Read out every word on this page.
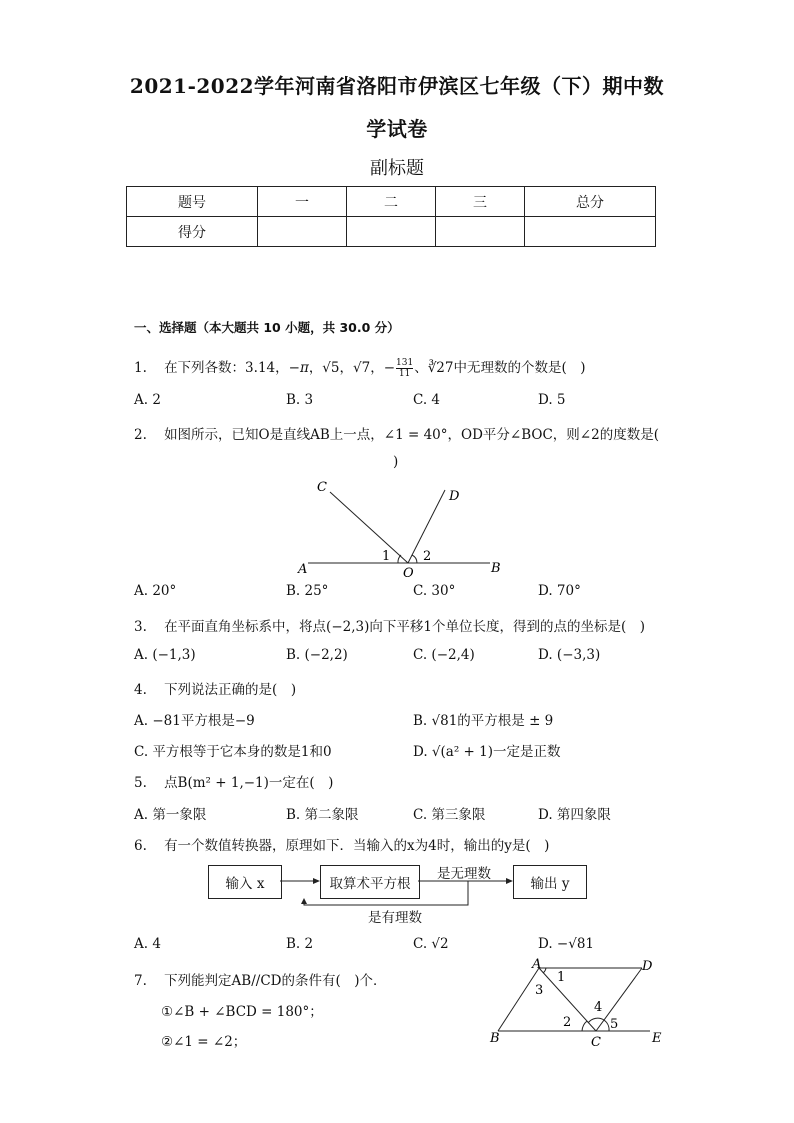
2021-2022学年河南省洛阳市伊滨区七年级（下）期中数
学试卷
副标题
题号	一	二	三	总分
得分				
一、选择题（本大题共 10 小题，共 30.0 分）
1. 在下列各数：3.14，−π，√5，√7，− $\frac{131}{11}$ 、∛27中无理数的个数是(　)
A. 2	B. 3	C. 4	D. 5
2. 如图所示，已知O是直线AB上一点，∠1 = 40°，OD平分∠BOC，则∠2的度数是(
)
A	B
C
D
O
1	2
A. 20°	B. 25°	C. 30°	D. 70°
3. 在平面直角坐标系中，将点(−2,3)向下平移1个单位长度，得到的点的坐标是(　)
A. (−1,3)	B. (−2,2)	C. (−2,4)	D. (−3,3)
4. 下列说法正确的是(　)
A. −81平方根是−9	B. √81的平方根是 ± 9
C. 平方根等于它本身的数是1和0	D. √(a² + 1)一定是正数
5. 点B(m² + 1,−1)一定在(　)
A. 第一象限	B. 第二象限	C. 第三象限	D. 第四象限
6. 有一个数值转换器，原理如下．当输入的x为4时，输出的y是(　)
输入 x	取算术平方根	输出 y
是无理数
是有理数
A. 4	B. 2	C. √2	D. −√81
7. 下列能判定AB//CD的条件有(　)个．
①∠B + ∠BCD = 180°；
②∠1 = ∠2；
A	D
B	C	E
1
2
3
4
5
